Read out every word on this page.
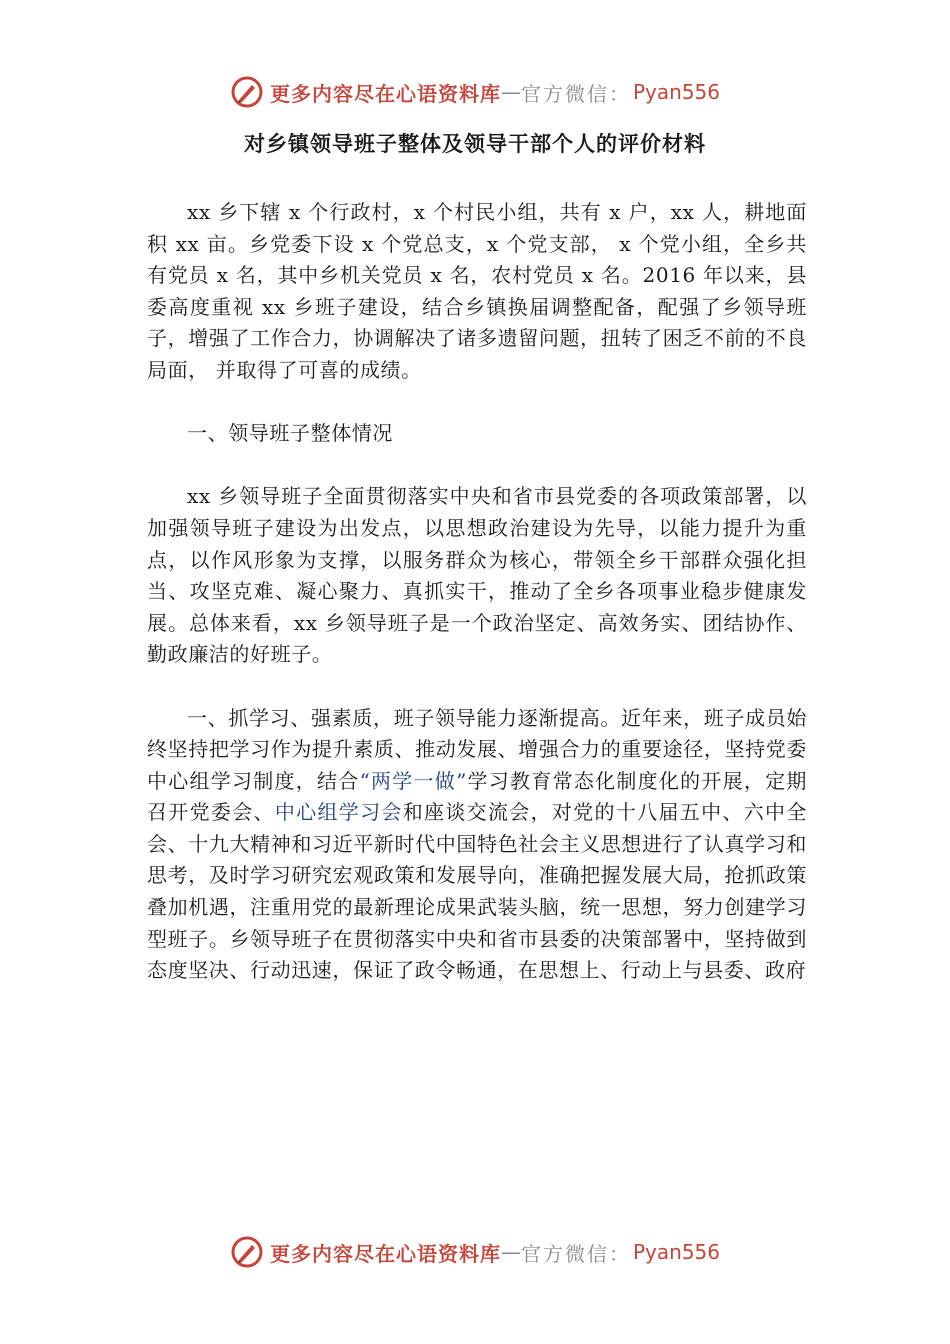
更多内容尽在心语资料库 — 官方微信： Pyan556
对乡镇领导班子整体及领导干部个人的评价材料

xx 乡下辖 x 个行政村，x 个村民小组，共有 x 户，xx 人，耕地面积 xx 亩。乡党委下设 x 个党总支，x 个党支部， x 个党小组，全乡共有党员 x 名，其中乡机关党员 x 名，农村党员 x 名。2016 年以来，县委高度重视 xx 乡班子建设，结合乡镇换届调整配备，配强了乡领导班子，增强了工作合力，协调解决了诸多遗留问题，扭转了困乏不前的不良局面， 并取得了可喜的成绩。

一、领导班子整体情况

xx 乡领导班子全面贯彻落实中央和省市县党委的各项政策部署，以加强领导班子建设为出发点，以思想政治建设为先导，以能力提升为重点，以作风形象为支撑，以服务群众为核心，带领全乡干部群众强化担当、攻坚克难、凝心聚力、真抓实干，推动了全乡各项事业稳步健康发展。总体来看，xx 乡领导班子是一个政治坚定、高效务实、团结协作、勤政廉洁的好班子。

一、抓学习、强素质，班子领导能力逐渐提高。近年来，班子成员始终坚持把学习作为提升素质、推动发展、增强合力的重要途径，坚持党委中心组学习制度，结合“两学一做”学习教育常态化制度化的开展，定期召开党委会、中心组学习会和座谈交流会，对党的十八届五中、六中全会、十九大精神和习近平新时代中国特色社会主义思想进行了认真学习和思考，及时学习研究宏观政策和发展导向，准确把握发展大局，抢抓政策叠加机遇，注重用党的最新理论成果武装头脑，统一思想，努力创建学习型班子。乡领导班子在贯彻落实中央和省市县委的决策部署中，坚持做到态度坚决、行动迅速，保证了政令畅通，在思想上、行动上与县委、政府

更多内容尽在心语资料库 — 官方微信： Pyan556
